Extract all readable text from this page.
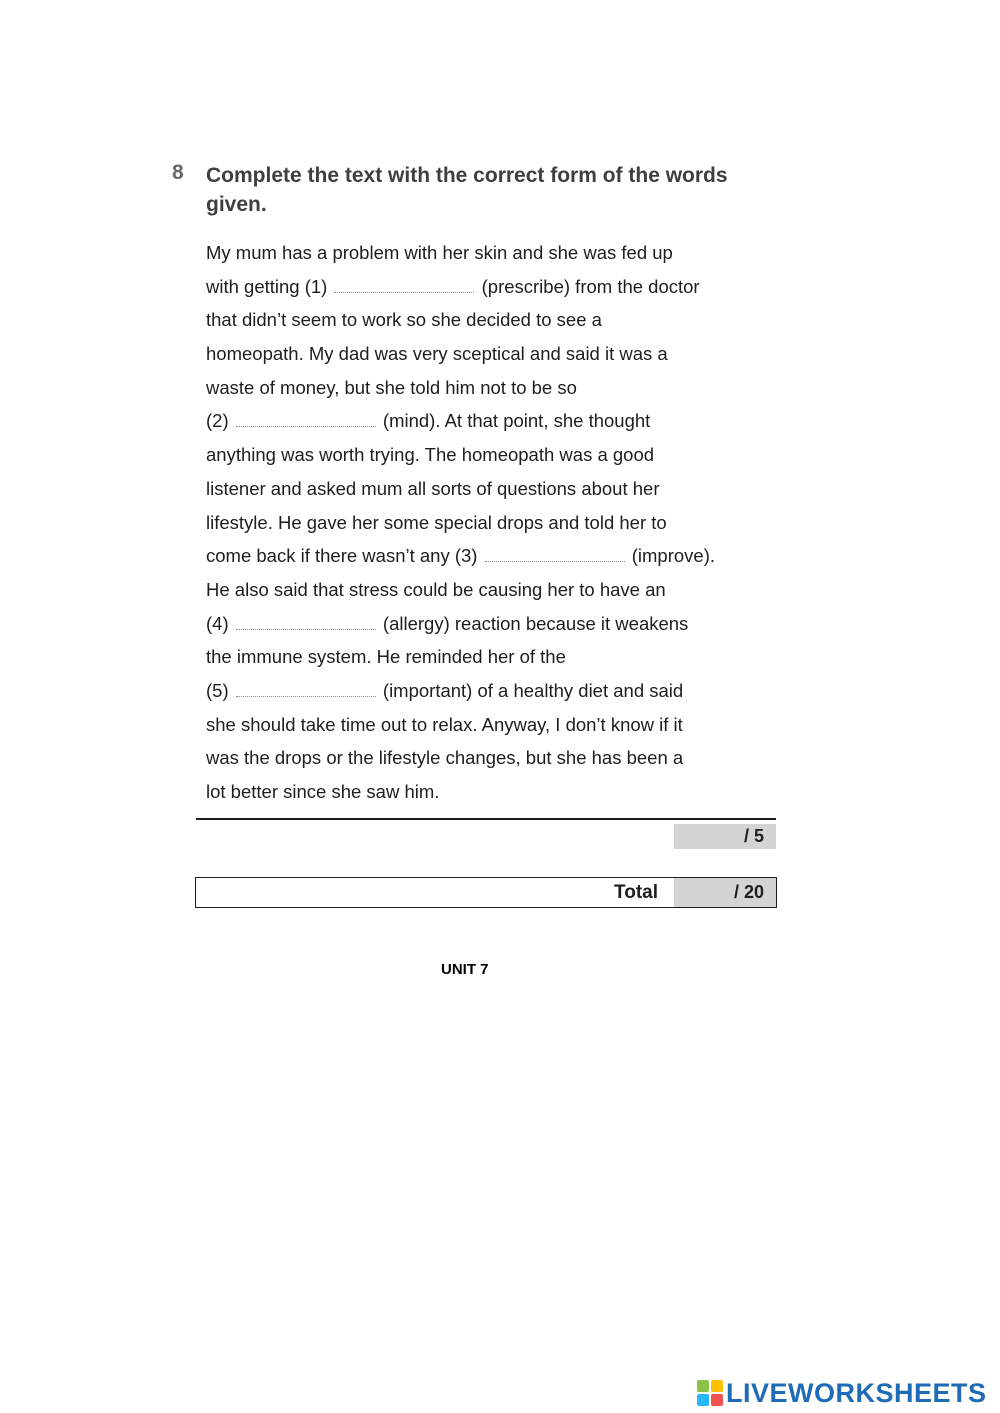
8 Complete the text with the correct form of the words given.
My mum has a problem with her skin and she was fed up
with getting (1)	(prescribe) from the doctor
that didn’t seem to work so she decided to see a
homeopath. My dad was very sceptical and said it was a
waste of money, but she told him not to be so
(2)	(mind). At that point, she thought
anything was worth trying. The homeopath was a good
listener and asked mum all sorts of questions about her
lifestyle. He gave her some special drops and told her to
come back if there wasn’t any (3)	(improve).
He also said that stress could be causing her to have an
(4)	(allergy) reaction because it weakens
the immune system. He reminded her of the
(5)	(important) of a healthy diet and said
she should take time out to relax. Anyway, I don’t know if it
was the drops or the lifestyle changes, but she has been a
lot better since she saw him.
/ 5
Total	/ 20
UNIT 7
LIVEWORKSHEETS
